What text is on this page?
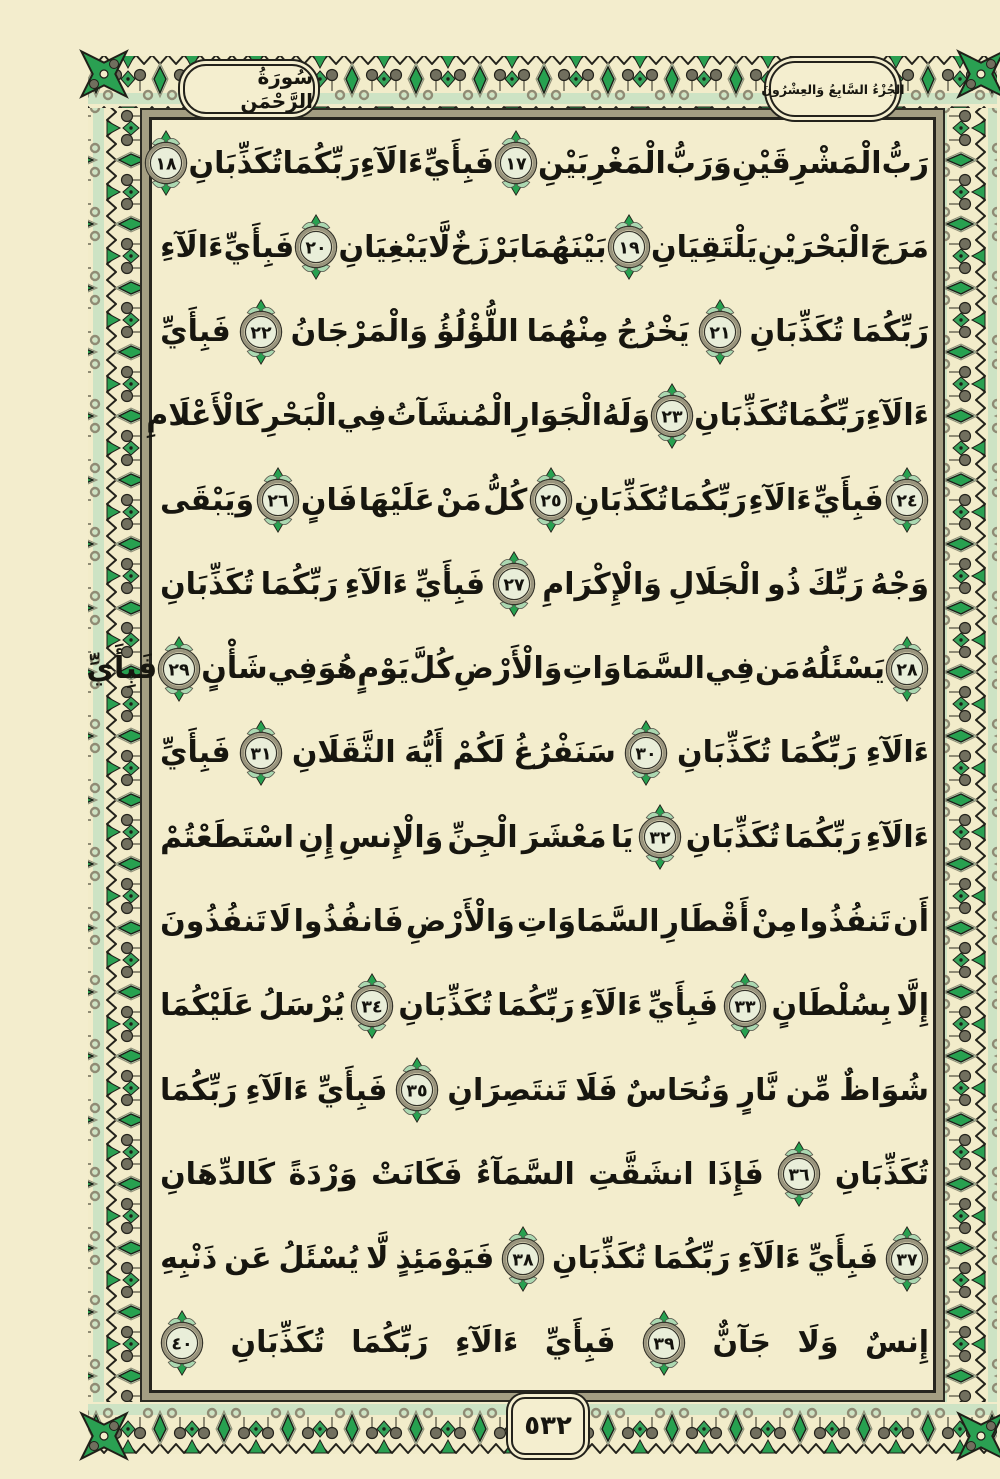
سُورَةُ الرَّحْمَن	الجُزْءُ السَّابِعُ وَالعِشْرُونَ
رَبُّ
الْمَشْرِقَيْنِ
وَرَبُّ
الْمَغْرِبَيْنِ
١٧
فَبِأَيِّ
ءَالَآءِ
رَبِّكُمَا
تُكَذِّبَانِ
١٨
مَرَجَ
الْبَحْرَيْنِ
يَلْتَقِيَانِ
١٩
بَيْنَهُمَا
بَرْزَخٌ
لَّا
يَبْغِيَانِ
٢٠
فَبِأَيِّ
ءَالَآءِ
رَبِّكُمَا
تُكَذِّبَانِ
٢١
يَخْرُجُ
مِنْهُمَا
اللُّؤْلُؤُ
وَالْمَرْجَانُ
٢٢
فَبِأَيِّ
ءَالَآءِ
رَبِّكُمَا
تُكَذِّبَانِ
٢٣
وَلَهُ
الْجَوَارِ
الْمُنشَآتُ
فِي
الْبَحْرِ
كَالْأَعْلَامِ
٢٤
فَبِأَيِّ
ءَالَآءِ
رَبِّكُمَا
تُكَذِّبَانِ
٢٥
كُلُّ
مَنْ
عَلَيْهَا
فَانٍ
٢٦
وَيَبْقَى
وَجْهُ
رَبِّكَ
ذُو
الْجَلَالِ
وَالْإِكْرَامِ
٢٧
فَبِأَيِّ
ءَالَآءِ
رَبِّكُمَا
تُكَذِّبَانِ
٢٨
يَسْئَلُهُ
مَن
فِي
السَّمَاوَاتِ
وَالْأَرْضِ
كُلَّ
يَوْمٍ
هُوَ
فِي
شَأْنٍ
٢٩
فَبِأَيِّ
ءَالَآءِ
رَبِّكُمَا
تُكَذِّبَانِ
٣٠
سَنَفْرُغُ
لَكُمْ
أَيُّهَ
الثَّقَلَانِ
٣١
فَبِأَيِّ
ءَالَآءِ
رَبِّكُمَا
تُكَذِّبَانِ
٣٢
يَا
مَعْشَرَ
الْجِنِّ
وَالْإِنسِ
إِنِ
اسْتَطَعْتُمْ
أَن
تَنفُذُوا
مِنْ
أَقْطَارِ
السَّمَاوَاتِ
وَالْأَرْضِ
فَانفُذُوا
لَا
تَنفُذُونَ
إِلَّا
بِسُلْطَانٍ
٣٣
فَبِأَيِّ
ءَالَآءِ
رَبِّكُمَا
تُكَذِّبَانِ
٣٤
يُرْسَلُ
عَلَيْكُمَا
شُوَاظٌ
مِّن
نَّارٍ
وَنُحَاسٌ
فَلَا
تَنتَصِرَانِ
٣٥
فَبِأَيِّ
ءَالَآءِ
رَبِّكُمَا
تُكَذِّبَانِ
٣٦
فَإِذَا
انشَقَّتِ
السَّمَآءُ
فَكَانَتْ
وَرْدَةً
كَالدِّهَانِ
٣٧
فَبِأَيِّ
ءَالَآءِ
رَبِّكُمَا
تُكَذِّبَانِ
٣٨
فَيَوْمَئِذٍ
لَّا
يُسْئَلُ
عَن
ذَنْبِهِ
إِنسٌ
وَلَا
جَآنٌّ
٣٩
فَبِأَيِّ
ءَالَآءِ
رَبِّكُمَا
تُكَذِّبَانِ
٤٠
٥٣٢
